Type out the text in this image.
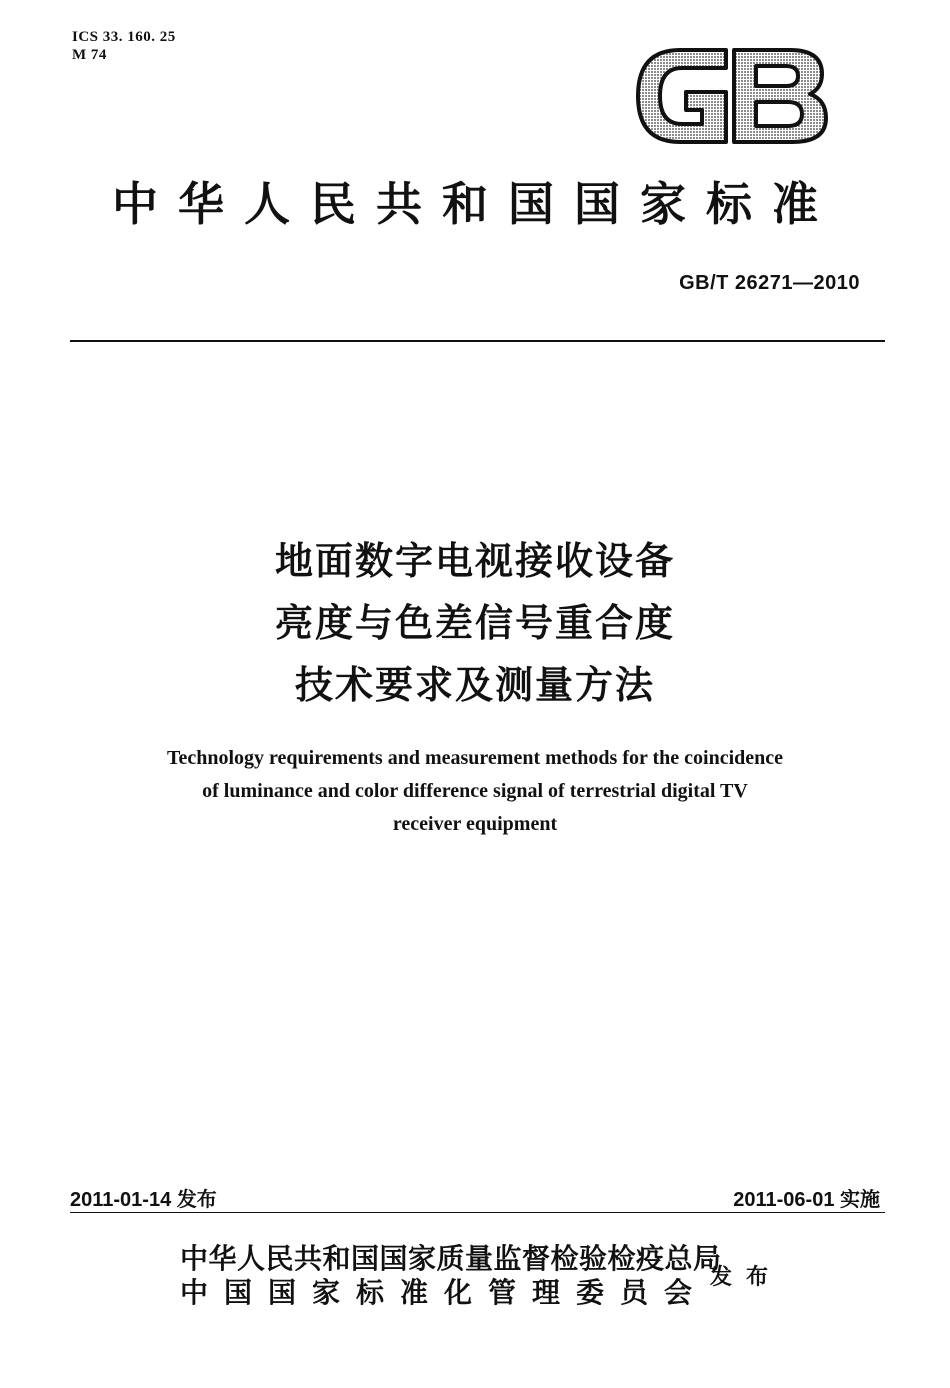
ICS 33. 160. 25
M 74
中华人民共和国国家标准
GB/T 26271—2010
地面数字电视接收设备
亮度与色差信号重合度
技术要求及测量方法
Technology requirements and measurement methods for the coincidence
of luminance and color difference signal of terrestrial digital TV
receiver equipment
2011-01-14 发布	2011-06-01 实施
中华人民共和国国家质量监督检验检疫总局
中国国家标准化管理委员会 发布
